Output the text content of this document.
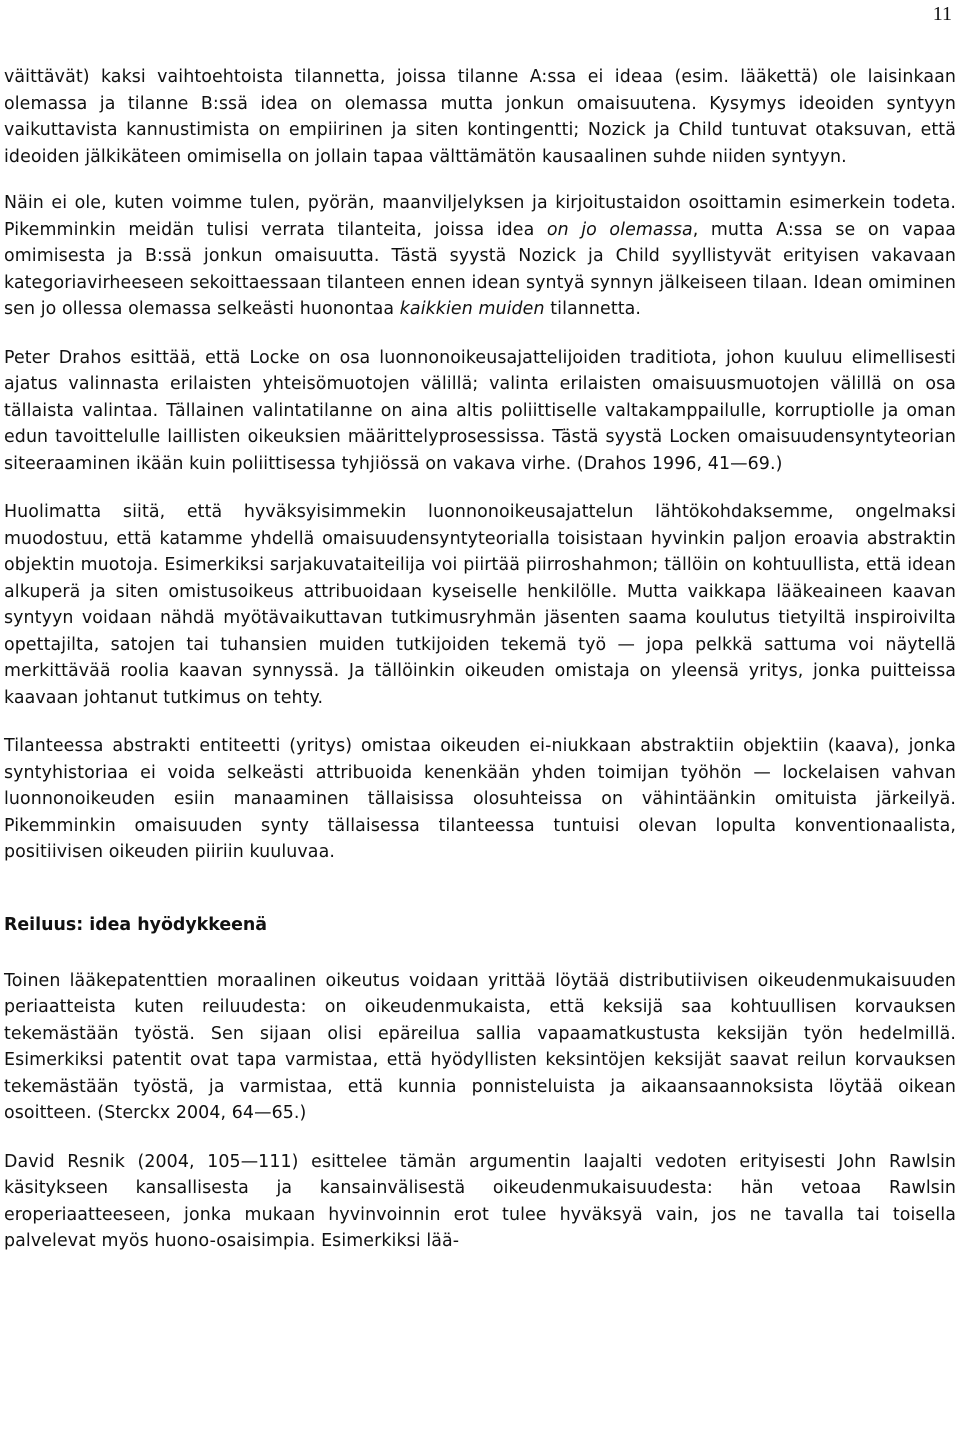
11

väittävät) kaksi vaihtoehtoista tilannetta, joissa tilanne A:ssa ei ideaa (esim. lääkettä) ole laisinkaan olemassa ja tilanne B:ssä idea on olemassa mutta jonkun omaisuutena. Kysymys ideoiden syntyyn vaikuttavista kannustimista on empiirinen ja siten kontingentti; Nozick ja Child tuntuvat otaksuvan, että ideoiden jälkikäteen omimisella on jollain tapaa välttämätön kausaalinen suhde niiden syntyyn.

Näin ei ole, kuten voimme tulen, pyörän, maanviljelyksen ja kirjoitustaidon osoittamin esimerkein todeta. Pikemminkin meidän tulisi verrata tilanteita, joissa idea on jo olemassa, mutta A:ssa se on vapaa omimisesta ja B:ssä jonkun omaisuutta. Tästä syystä Nozick ja Child syyllistyvät erityisen vakavaan kategoriavirheeseen sekoittaessaan tilanteen ennen idean syntyä synnyn jälkeiseen tilaan. Idean omiminen sen jo ollessa olemassa selkeästi huonontaa kaikkien muiden tilannetta.

Peter Drahos esittää, että Locke on osa luonnonoikeusajattelijoiden traditiota, johon kuuluu elimellisesti ajatus valinnasta erilaisten yhteisömuotojen välillä; valinta erilaisten omaisuusmuotojen välillä on osa tällaista valintaa. Tällainen valintatilanne on aina altis poliittiselle valtakamppailulle, korruptiolle ja oman edun tavoittelulle laillisten oikeuksien määrittelyprosessissa. Tästä syystä Locken omaisuudensyntyteorian siteeraaminen ikään kuin poliittisessa tyhjiössä on vakava virhe. (Drahos 1996, 41—69.)

Huolimatta siitä, että hyväksyisimmekin luonnonoikeusajattelun lähtökohdaksemme, ongelmaksi muodostuu, että katamme yhdellä omaisuudensyntyteorialla toisistaan hyvinkin paljon eroavia abstraktin objektin muotoja. Esimerkiksi sarjakuvataiteilija voi piirtää piirroshahmon; tällöin on kohtuullista, että idean alkuperä ja siten omistusoikeus attribuoidaan kyseiselle henkilölle. Mutta vaikkapa lääkeaineen kaavan syntyyn voidaan nähdä myötävaikuttavan tutkimusryhmän jäsenten saama koulutus tietyiltä inspiroivilta opettajilta, satojen tai tuhansien muiden tutkijoiden tekemä työ — jopa pelkkä sattuma voi näytellä merkittävää roolia kaavan synnyssä. Ja tällöinkin oikeuden omistaja on yleensä yritys, jonka puitteissa kaavaan johtanut tutkimus on tehty.

Tilanteessa abstrakti entiteetti (yritys) omistaa oikeuden ei-niukkaan abstraktiin objektiin (kaava), jonka syntyhistoriaa ei voida selkeästi attribuoida kenenkään yhden toimijan työhön — lockelaisen vahvan luonnonoikeuden esiin manaaminen tällaisissa olosuhteissa on vähintäänkin omituista järkeilyä. Pikemminkin omaisuuden synty tällaisessa tilanteessa tuntuisi olevan lopulta konventionaalista, positiivisen oikeuden piiriin kuuluvaa.

Reiluus: idea hyödykkeenä

Toinen lääkepatenttien moraalinen oikeutus voidaan yrittää löytää distributiivisen oikeudenmukaisuuden periaatteista kuten reiluudesta: on oikeudenmukaista, että keksijä saa kohtuullisen korvauksen tekemästään työstä. Sen sijaan olisi epäreilua sallia vapaamatkustusta keksijän työn hedelmillä. Esimerkiksi patentit ovat tapa varmistaa, että hyödyllisten keksintöjen keksijät saavat reilun korvauksen tekemästään työstä, ja varmistaa, että kunnia ponnisteluista ja aikaansaannoksista löytää oikean osoitteen. (Sterckx 2004, 64—65.)

David Resnik (2004, 105—111) esittelee tämän argumentin laajalti vedoten erityisesti John Rawlsin käsitykseen kansallisesta ja kansainvälisestä oikeudenmukaisuudesta: hän vetoaa Rawlsin eroperiaatteeseen, jonka mukaan hyvinvoinnin erot tulee hyväksyä vain, jos ne tavalla tai toisella palvelevat myös huono-osaisimpia. Esimerkiksi lää-
